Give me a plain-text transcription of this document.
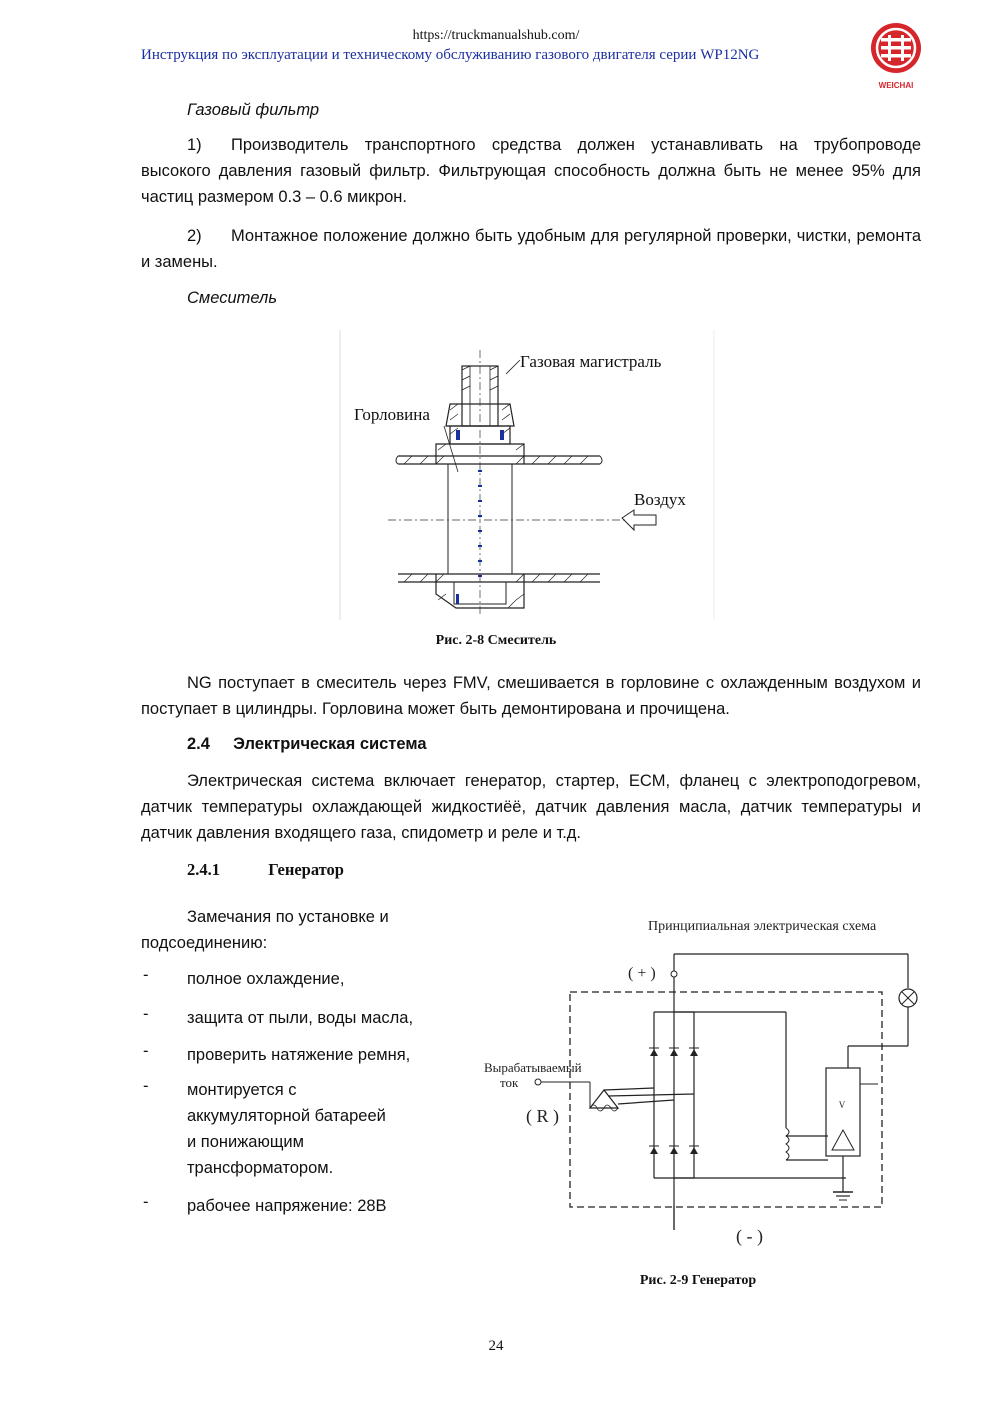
https://truckmanualshub.com/
Инструкция по эксплуатации и техническому обслуживанию газового двигателя серии WP12NG
WEICHAI
Газовый фильтр
1)	Производитель транспортного средства должен устанавливать на трубопроводе высокого давления газовый фильтр. Фильтрующая способность должна быть не менее 95% для частиц размером 0.3 – 0.6 микрон.
2)	Монтажное положение должно быть удобным для регулярной проверки, чистки, ремонта и замены.
Смеситель
Газовая магистраль
Горловина
Воздух
Рис. 2-8 Смеситель
NG поступает в смеситель через FMV, смешивается в горловине с охлажденным воздухом и поступает в цилиндры. Горловина может быть демонтирована и прочищена.
2.4 Электрическая система
Электрическая система включает генератор, стартер, ECM, фланец с электроподогревом, датчик температуры охлаждающей жидкостиёё, датчик давления масла, датчик температуры и датчик давления входящего газа, спидометр и реле и т.д.
2.4.1	Генератор
Замечания по установке и
подсоединению:
- полное охлаждение,
- защита от пыли, воды масла,
- проверить натяжение ремня,
- монтируется с
аккумуляторной батареей
и понижающим
трансформатором.
- рабочее напряжение: 28В
Принципиальная электрическая схема
( + )
Вырабатываемый
ток
( R )
( - )
V
Рис. 2-9 Генератор
24
